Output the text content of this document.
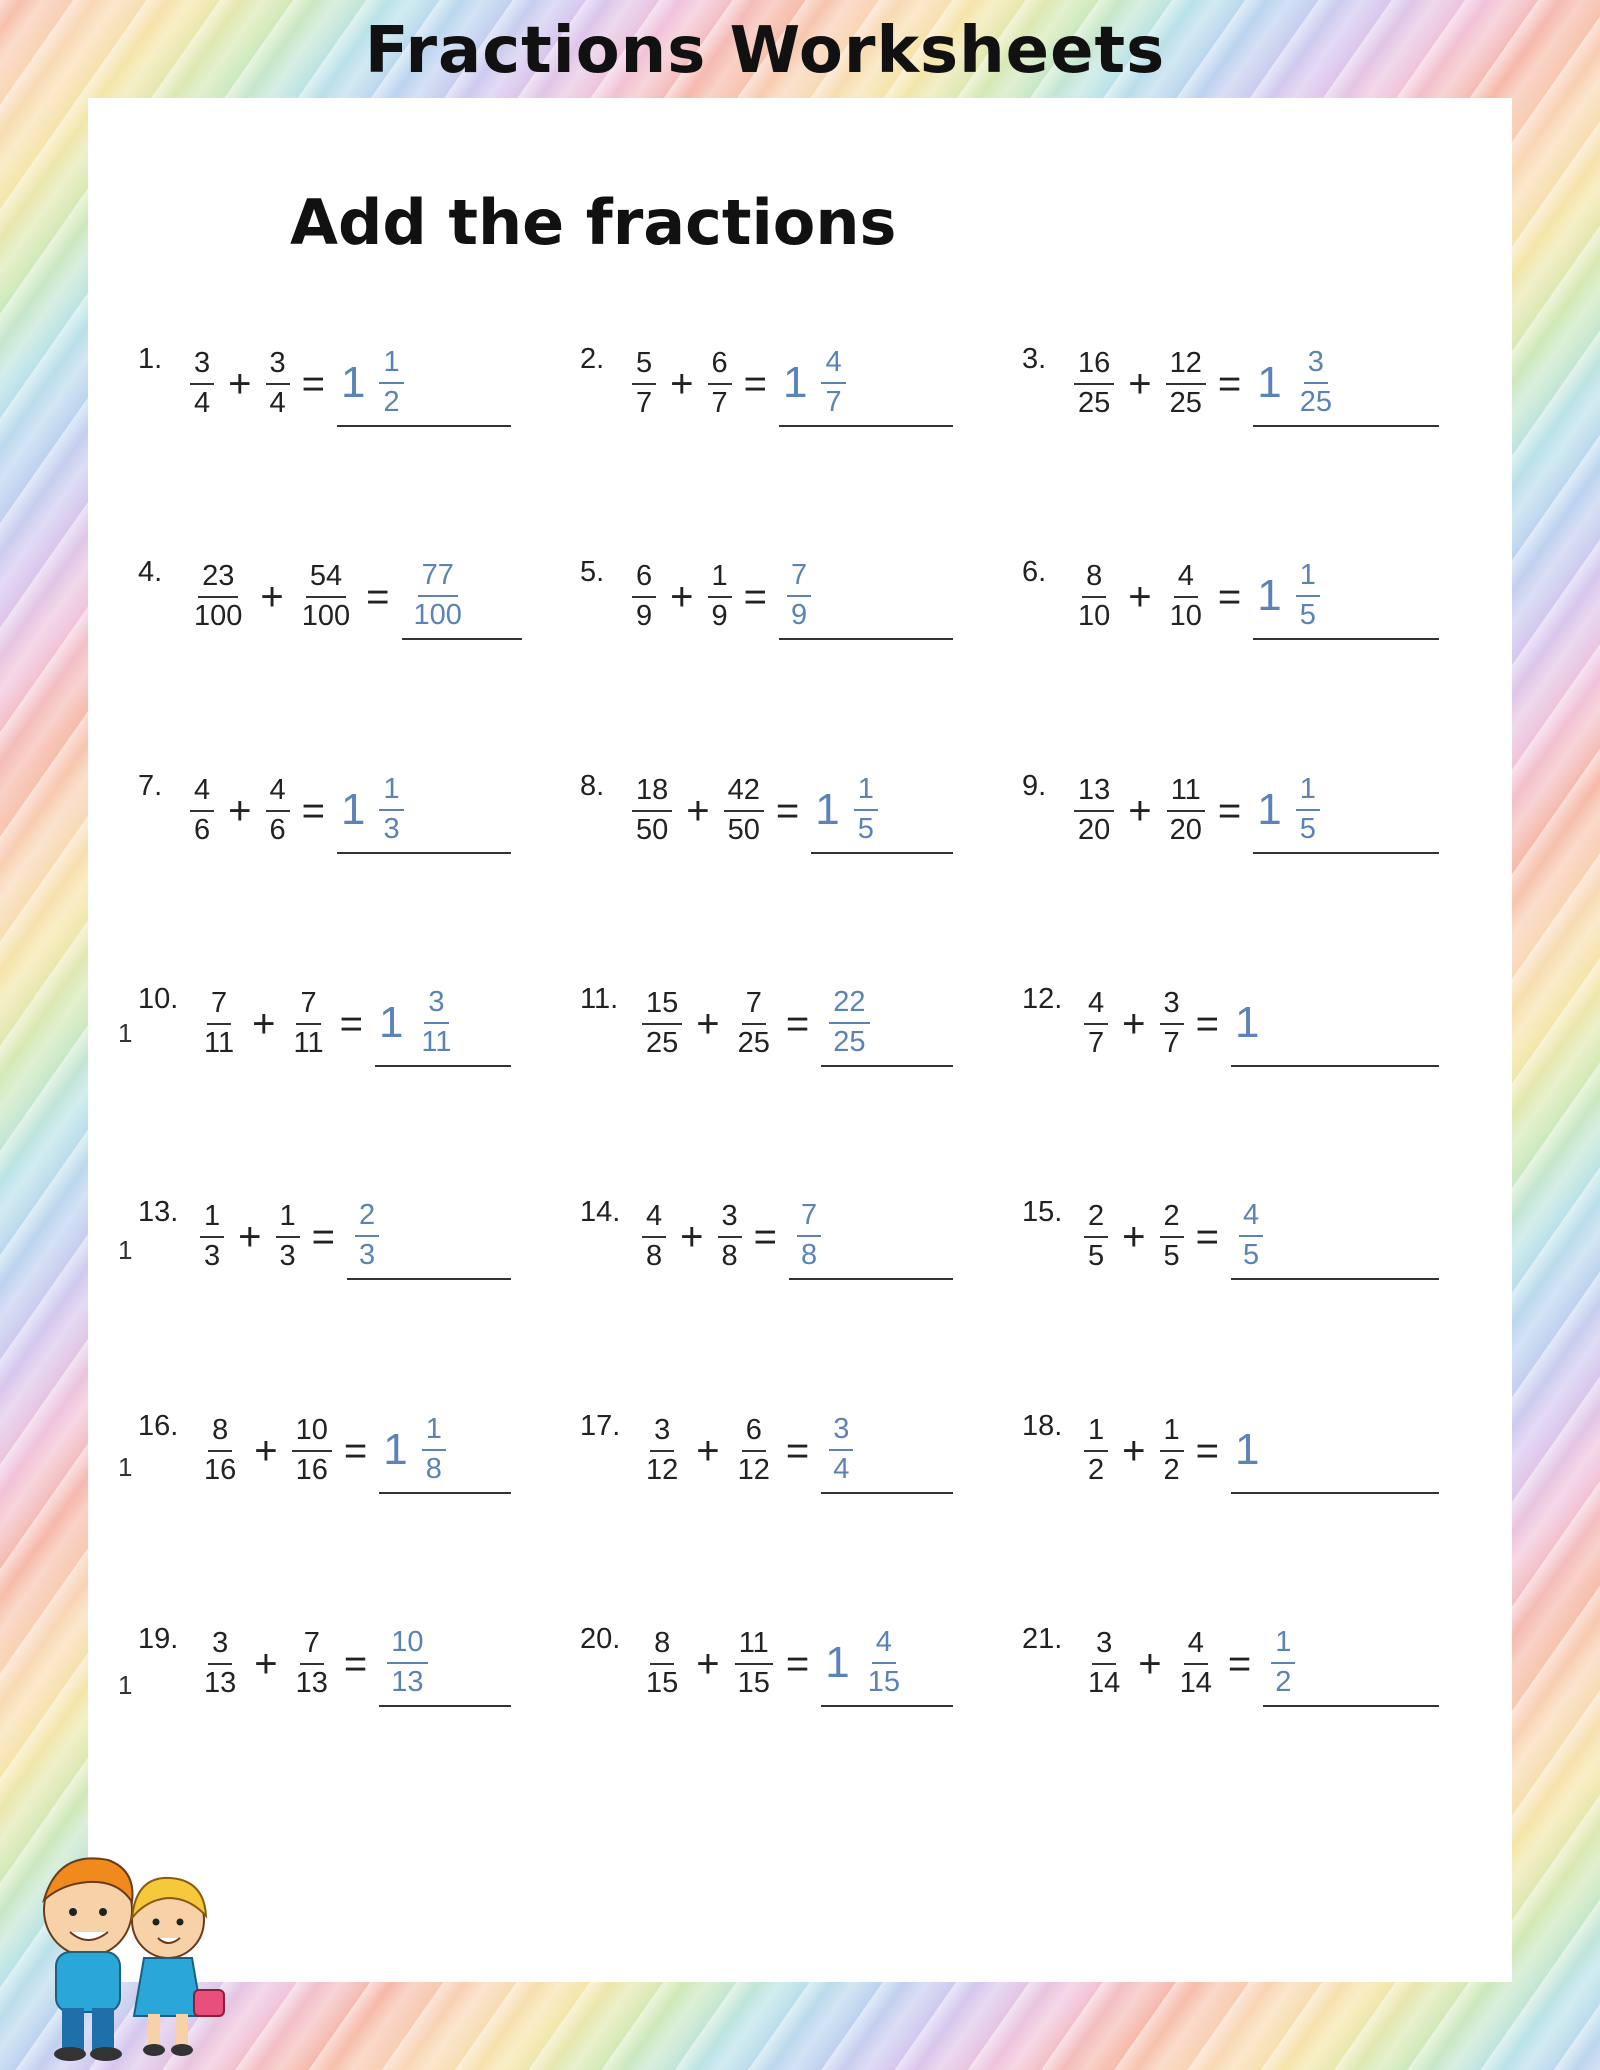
Fractions Worksheets
Add the fractions
1. $\frac{3}{4} + \frac{3}{4} = 1 \frac{1}{2}$	2. $\frac{5}{7} + \frac{6}{7} = 1 \frac{4}{7}$	3. $\frac{16}{25} + \frac{12}{25} = 1 \frac{3}{25}$
4. $\frac{23}{100} + \frac{54}{100} = \frac{77}{100}$	5. $\frac{6}{9} + \frac{1}{9} = \frac{7}{9}$	6. $\frac{8}{10} + \frac{4}{10} = 1 \frac{1}{5}$
7. $\frac{4}{6} + \frac{4}{6} = 1 \frac{1}{3}$	8. $\frac{18}{50} + \frac{42}{50} = 1 \frac{1}{5}$	9. $\frac{13}{20} + \frac{11}{20} = 1 \frac{1}{5}$
10. $\frac{7}{11} + \frac{7}{11} = 1 \frac{3}{11}$	11. $\frac{15}{25} + \frac{7}{25} = \frac{22}{25}$	12. $\frac{4}{7} + \frac{3}{7} = 1$
13. $\frac{1}{3} + \frac{1}{3} = \frac{2}{3}$	14. $\frac{4}{8} + \frac{3}{8} = \frac{7}{8}$	15. $\frac{2}{5} + \frac{2}{5} = \frac{4}{5}$
16. $\frac{8}{16} + \frac{10}{16} = 1 \frac{1}{8}$	17. $\frac{3}{12} + \frac{6}{12} = \frac{3}{4}$	18. $\frac{1}{2} + \frac{1}{2} = 1$
19. $\frac{3}{13} + \frac{7}{13} = \frac{10}{13}$	20. $\frac{8}{15} + \frac{11}{15} = 1 \frac{4}{15}$	21. $\frac{3}{14} + \frac{4}{14} = \frac{1}{2}$
1
1
1
1
